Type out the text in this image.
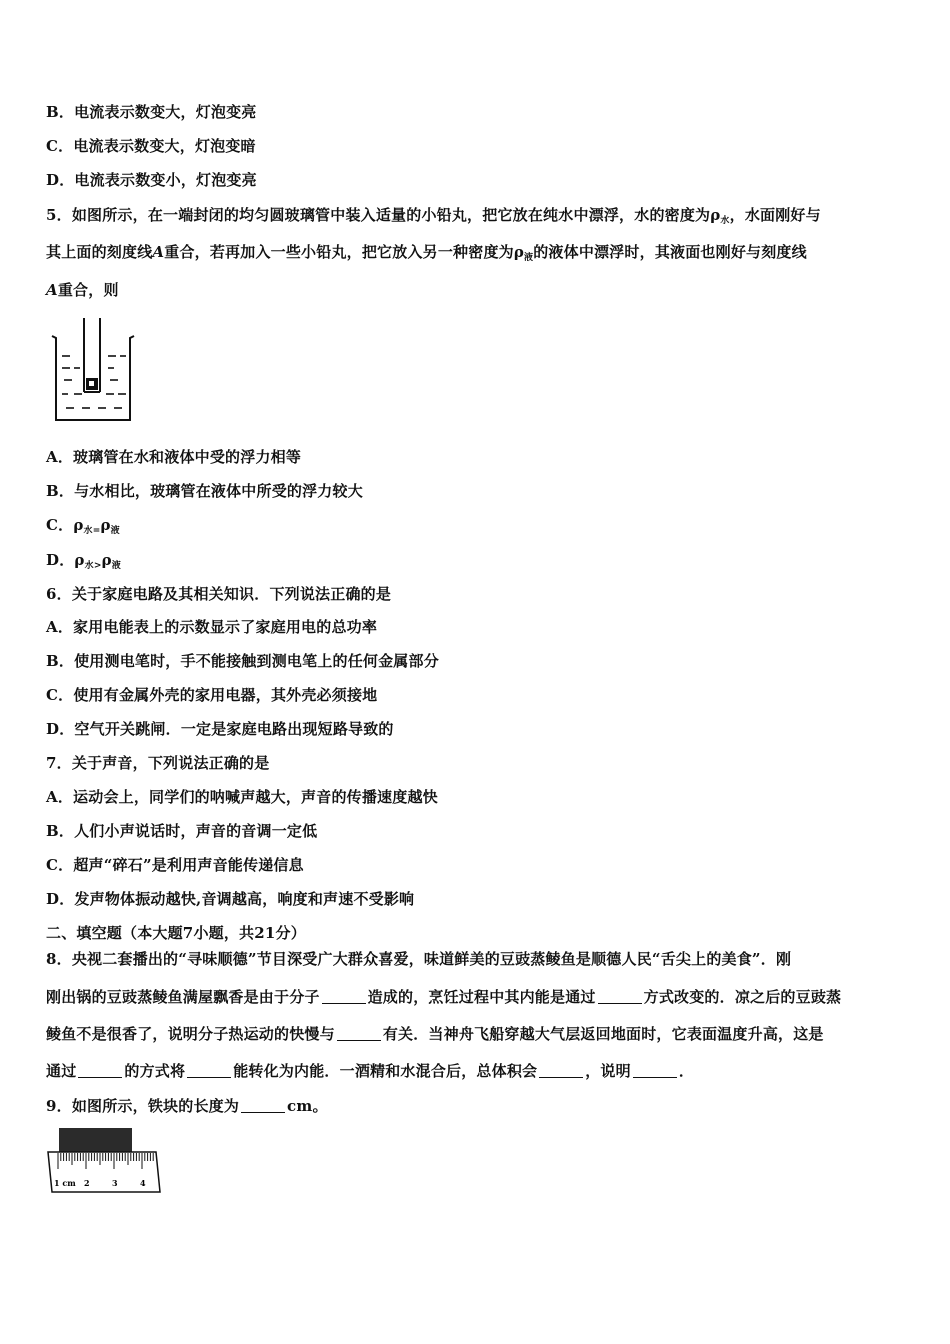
B．电流表示数变大，灯泡变亮
C．电流表示数变大，灯泡变暗
D．电流表示数变小，灯泡变亮
5．如图所示，在一端封闭的均匀圆玻璃管中装入适量的小铅丸，把它放在纯水中漂浮，水的密度为$\rho_水$，水面刚好与
其上面的刻度线A重合，若再加入一些小铅丸，把它放入另一种密度为$\rho_液$的液体中漂浮时，其液面也刚好与刻度线
A重合，则
A．玻璃管在水和液体中受的浮力相等
B．与水相比，玻璃管在液体中所受的浮力较大
C．$\rho_{水=}\rho_液$
D．$\rho_{水>}\rho_液$
6．关于家庭电路及其相关知识．下列说法正确的是
A．家用电能表上的示数显示了家庭用电的总功率
B．使用测电笔时，手不能接触到测电笔上的任何金属部分
C．使用有金属外壳的家用电器，其外壳必须接地
D．空气开关跳闸．一定是家庭电路出现短路导致的
7．关于声音，下列说法正确的是
A．运动会上，同学们的呐喊声越大，声音的传播速度越快
B．人们小声说话时，声音的音调一定低
C．超声“碎石”是利用声音能传递信息
D．发声物体振动越快,音调越高，响度和声速不受影响
二、填空题（本大题7小题，共21分）
8．央视二套播出的“寻味顺德”节目深受广大群众喜爱，味道鲜美的豆豉蒸鲮鱼是顺德人民“舌尖上的美食”．刚
刚出锅的豆豉蒸鲮鱼满屋飘香是由于分子	造成的，烹饪过程中其内能是通过	方式改变的．凉之后的豆豉蒸
鲮鱼不是很香了，说明分子热运动的快慢与	有关．当神舟飞船穿越大气层返回地面时，它表面温度升高，这是
通过	的方式将	能转化为内能．一酒精和水混合后，总体积会	，说明	．
9．如图所示，铁块的长度为	cm。
1 cm 2	3	4
